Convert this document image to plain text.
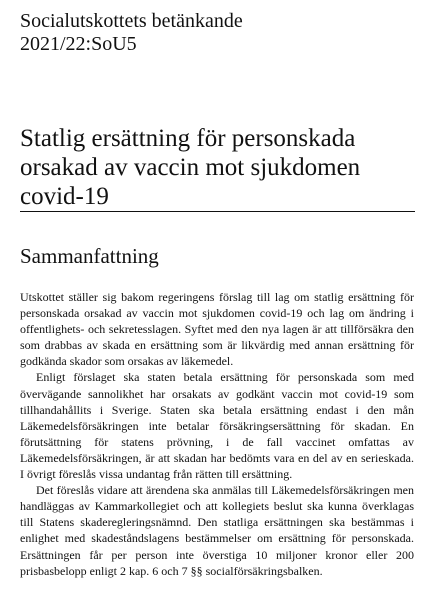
Socialutskottets betänkande
2021/22:SoU5
Statlig ersättning för personskada orsakad av vaccin mot sjukdomen covid-19
Sammanfattning

Utskottet ställer sig bakom regeringens förslag till lag om statlig ersättning för personskada orsakad av vaccin mot sjukdomen covid-19 och lag om ändring i offentlighets- och sekretesslagen. Syftet med den nya lagen är att tillförsäkra den som drabbas av skada en ersättning som är likvärdig med annan ersättning för godkända skador som orsakas av läkemedel.

Enligt förslaget ska staten betala ersättning för personskada som med övervägande sannolikhet har orsakats av godkänt vaccin mot covid-19 som tillhandahållits i Sverige. Staten ska betala ersättning endast i den mån Läkemedelsförsäkringen inte betalar försäkringsersättning för skadan. En förutsättning för statens prövning, i de fall vaccinet omfattas av Läkemedelsförsäkringen, är att skadan har bedömts vara en del av en serieskada. I övrigt föreslås vissa undantag från rätten till ersättning.

Det föreslås vidare att ärendena ska anmälas till Läkemedelsförsäkringen men handläggas av Kammarkollegiet och att kollegiets beslut ska kunna överklagas till Statens skaderegleringsnämnd. Den statliga ersättningen ska bestämmas i enlighet med skadeståndslagens bestämmelser om ersättning för personskada. Ersättningen får per person inte överstiga 10 miljoner kronor eller 200 prisbasbelopp enligt 2 kap. 6 och 7 §§ socialförsäkringsbalken.
